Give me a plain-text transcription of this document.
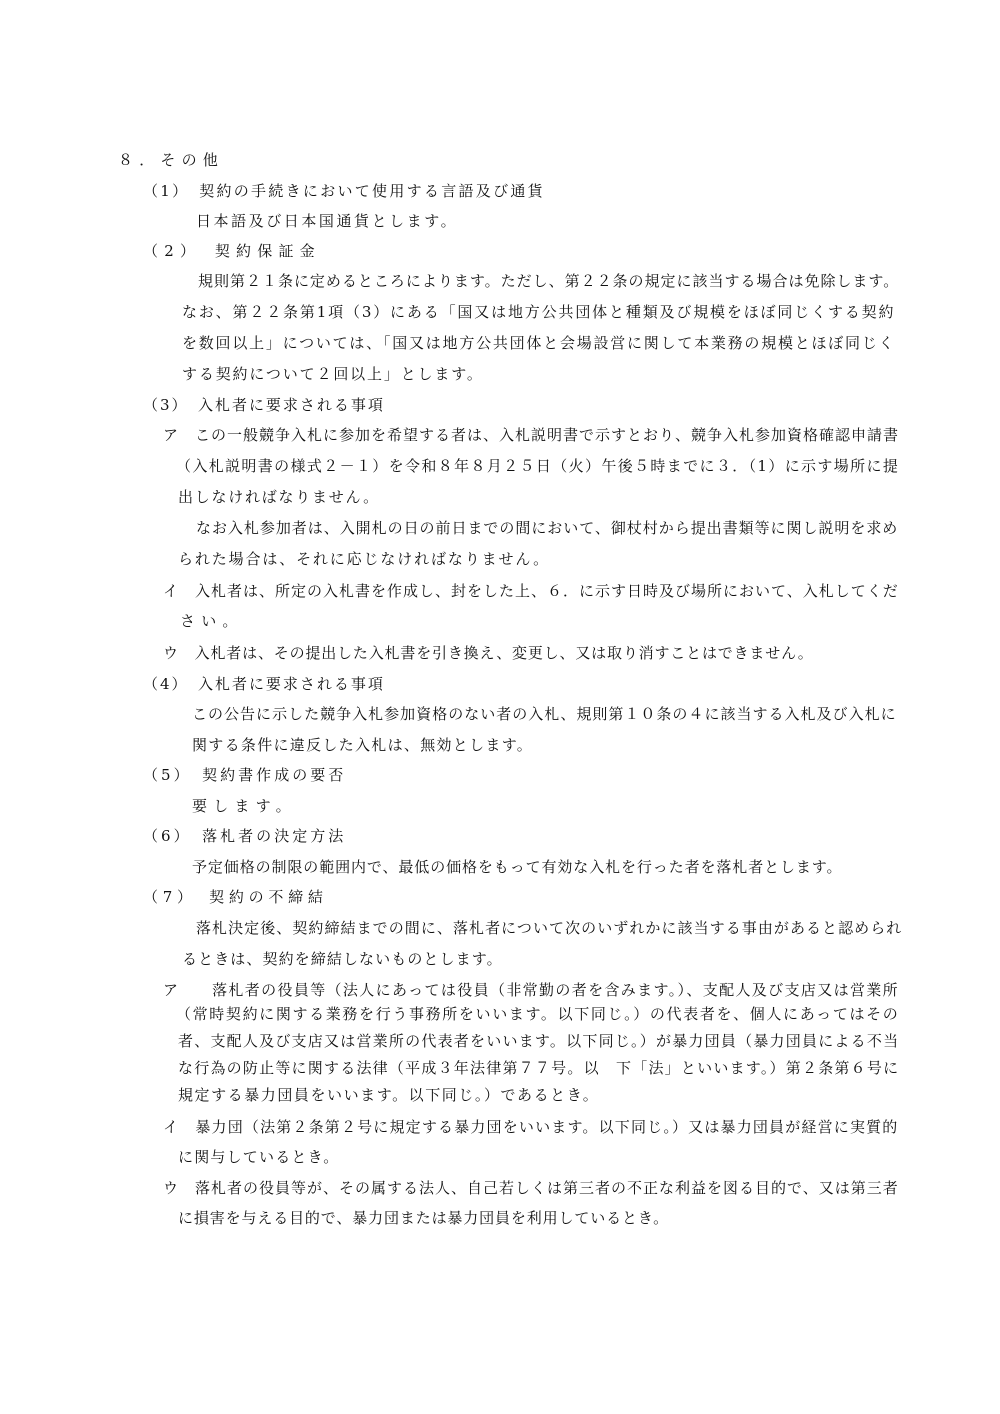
８．その他
（1）　契約の手続きにおいて使用する言語及び通貨
日本語及び日本国通貨とします。
（2）　契約保証金
規則第２１条に定めるところによります。ただし、第２２条の規定に該当する場合は免除します。
なお、第２２条第1項（3）にある「国又は地方公共団体と種類及び規模をほぼ同じくする契約
を数回以上」については、「国又は地方公共団体と会場設営に関して本業務の規模とほぼ同じく
する契約について２回以上」とします。
（3）　入札者に要求される事項
ア　この一般競争入札に参加を希望する者は、入札説明書で示すとおり、競争入札参加資格確認申請書
（入札説明書の様式２－１）を令和８年８月２５日（火）午後５時までに３．（1）に示す場所に提
出しなければなりません。
なお入札参加者は、入開札の日の前日までの間において、御杖村から提出書類等に関し説明を求め
られた場合は、それに応じなければなりません。
イ　入札者は、所定の入札書を作成し、封をした上、６．に示す日時及び場所において、入札してくだ
さい。
ウ　入札者は、その提出した入札書を引き換え、変更し、又は取り消すことはできません。
（4）　入札者に要求される事項
この公告に示した競争入札参加資格のない者の入札、規則第１０条の４に該当する入札及び入札に
関する条件に違反した入札は、無効とします。
（5）　契約書作成の要否
要します。
（6）　落札者の決定方法
予定価格の制限の範囲内で、最低の価格をもって有効な入札を行った者を落札者とします。
（7）　契約の不締結
落札決定後、契約締結までの間に、落札者について次のいずれかに該当する事由があると認められ
るときは、契約を締結しないものとします。
ア　　落札者の役員等（法人にあっては役員（非常勤の者を含みます。）、支配人及び支店又は営業所
（常時契約に関する業務を行う事務所をいいます。以下同じ。）の代表者を、個人にあってはその
者、支配人及び支店又は営業所の代表者をいいます。以下同じ。）が暴力団員（暴力団員による不当
な行為の防止等に関する法律（平成３年法律第７７号。以　下「法」といいます。）第２条第６号に
規定する暴力団員をいいます。以下同じ。）であるとき。
イ　暴力団（法第２条第２号に規定する暴力団をいいます。以下同じ。）又は暴力団員が経営に実質的
に関与しているとき。
ウ　落札者の役員等が、その属する法人、自己若しくは第三者の不正な利益を図る目的で、又は第三者
に損害を与える目的で、暴力団または暴力団員を利用しているとき。
